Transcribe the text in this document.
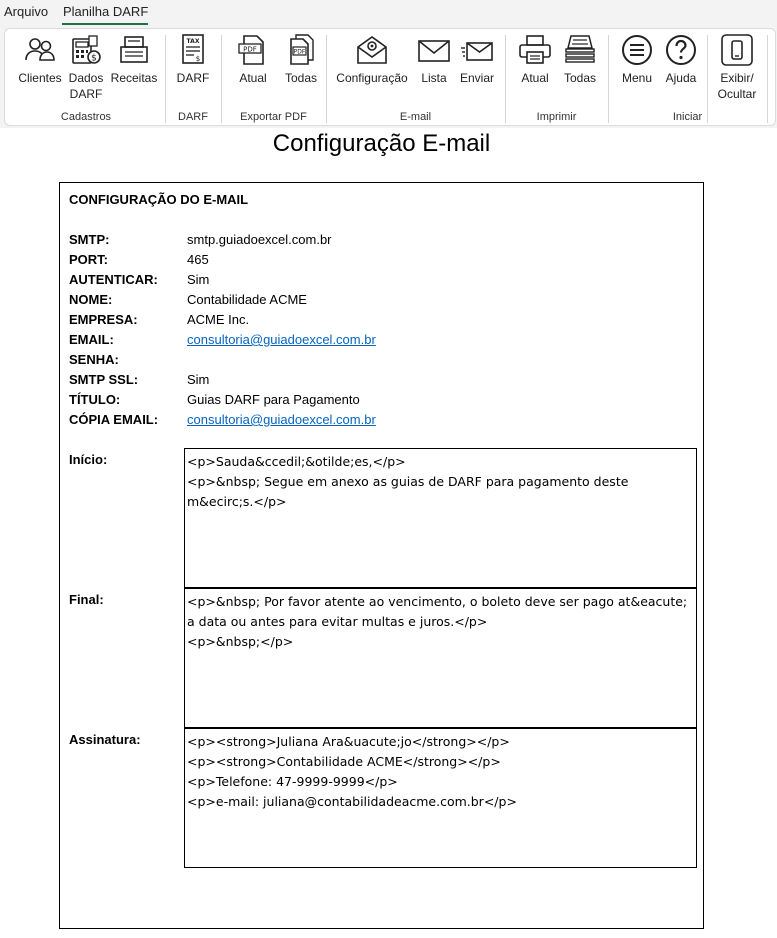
Arquivo Planilha DARF
Clientes
$
Dados
DARF
Receitas
TAX
$
DARF
PDF
Atual
PDF
Todas	Configuração	Lista	Enviar	Atual	Todas	Menu	Ajuda	Exibir/
Ocultar
Cadastros	DARF	Exportar PDF	E-mail	Imprimir	Iniciar
Configuração E-mail
CONFIGURAÇÃO DO E-MAIL
SMTP:	smtp.guiadoexcel.com.br
PORT:	465
AUTENTICAR: Sim
NOME:	Contabilidade ACME
EMPRESA:	ACME Inc.
EMAIL:	consultoria@guiadoexcel.com.br
SENHA:
SMTP SSL:	Sim
TÍTULO:	Guias DARF para Pagamento
CÓPIA EMAIL: consultoria@guiadoexcel.com.br
Início:	<p>Sauda&ccedil;&otilde;es,</p>
<p>&nbsp; Segue em anexo as guias de DARF para pagamento deste m&ecirc;s.</p>
Final:	<p>&nbsp; Por favor atente ao vencimento, o boleto deve ser pago at&eacute; a data ou antes para evitar multas e juros.</p>
<p>&nbsp;</p>
Assinatura:	<p><strong>Juliana Ara&uacute;jo</strong></p>
<p><strong>Contabilidade ACME</strong></p>
<p>Telefone: 47-9999-9999</p>
<p>e-mail: juliana@contabilidadeacme.com.br</p>
